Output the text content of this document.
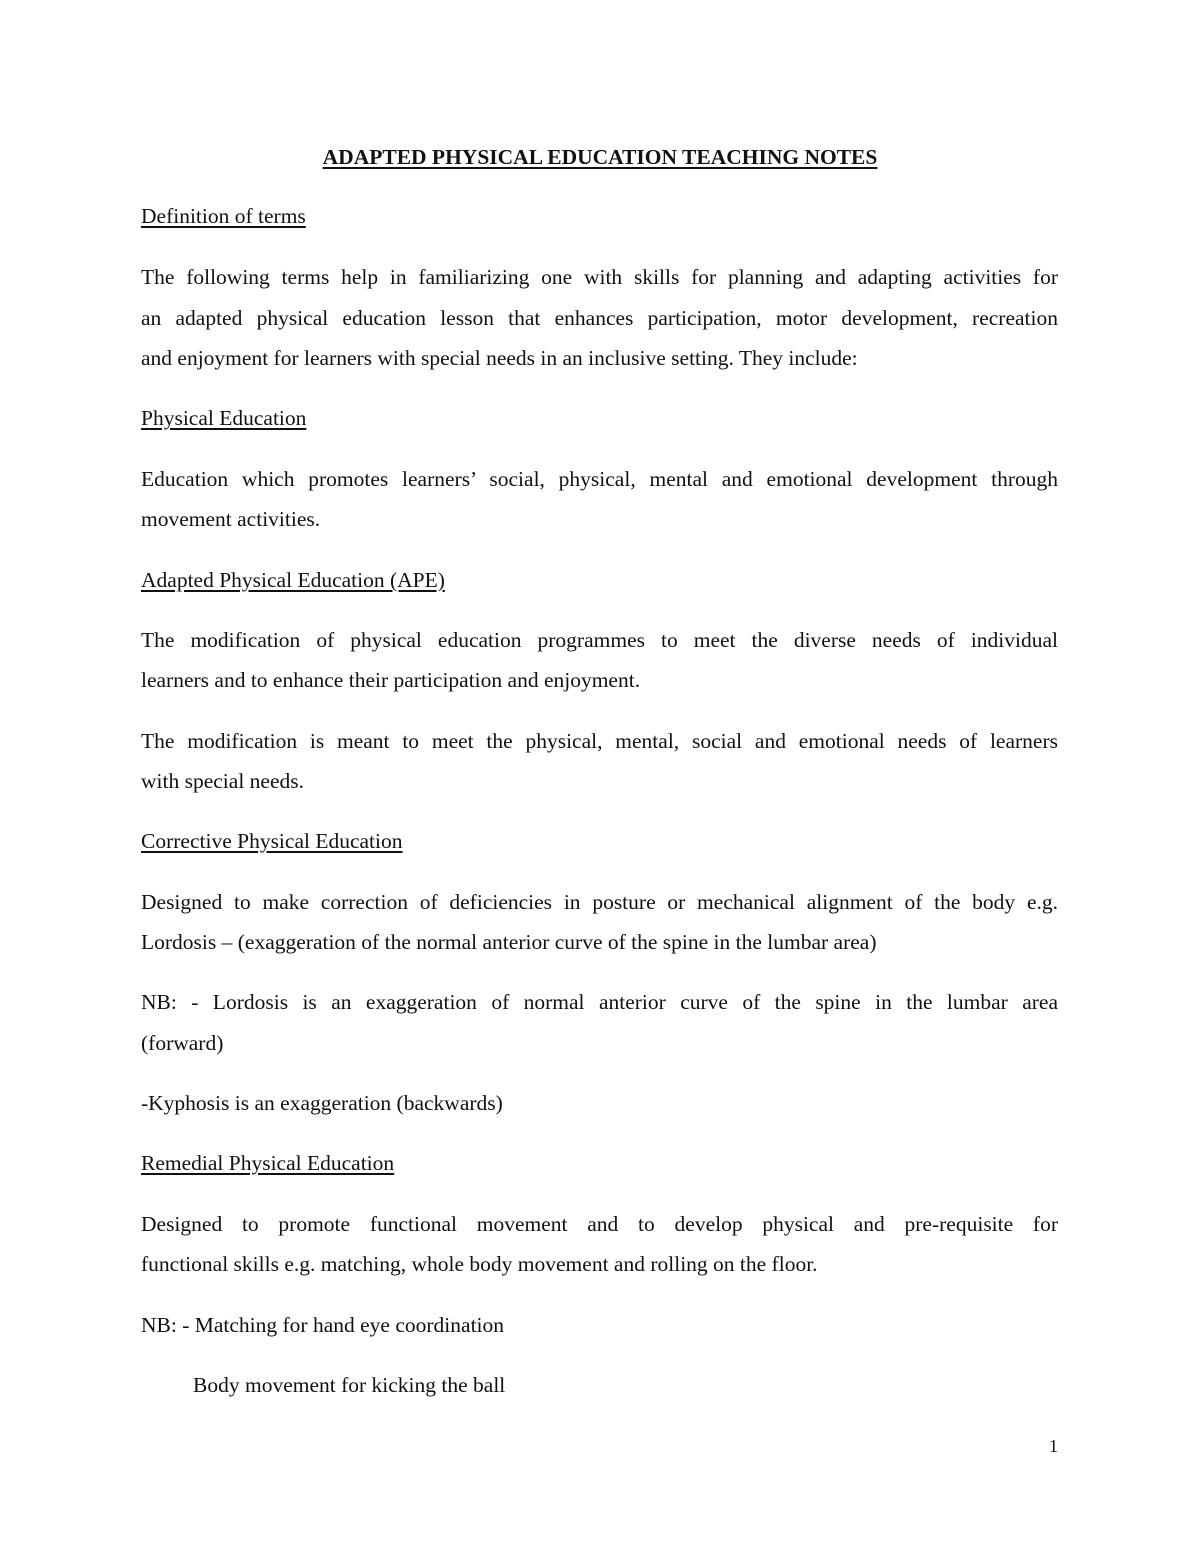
ADAPTED PHYSICAL EDUCATION TEACHING NOTES
Definition of terms
The following terms help in familiarizing one with skills for planning and adapting activities for
an adapted physical education lesson that enhances participation, motor development, recreation
and enjoyment for learners with special needs in an inclusive setting. They include:
Physical Education
Education which promotes learners’ social, physical, mental and emotional development through
movement activities.
Adapted Physical Education (APE)
The modification of physical education programmes to meet the diverse needs of individual
learners and to enhance their participation and enjoyment.
The modification is meant to meet the physical, mental, social and emotional needs of learners
with special needs.
Corrective Physical Education
Designed to make correction of deficiencies in posture or mechanical alignment of the body e.g.
Lordosis – (exaggeration of the normal anterior curve of the spine in the lumbar area)
NB: - Lordosis is an exaggeration of normal anterior curve of the spine in the lumbar area
(forward)
-Kyphosis is an exaggeration (backwards)
Remedial Physical Education
Designed to promote functional movement and to develop physical and pre-requisite for
functional skills e.g. matching, whole body movement and rolling on the floor.
NB: - Matching for hand eye coordination
Body movement for kicking the ball
1
